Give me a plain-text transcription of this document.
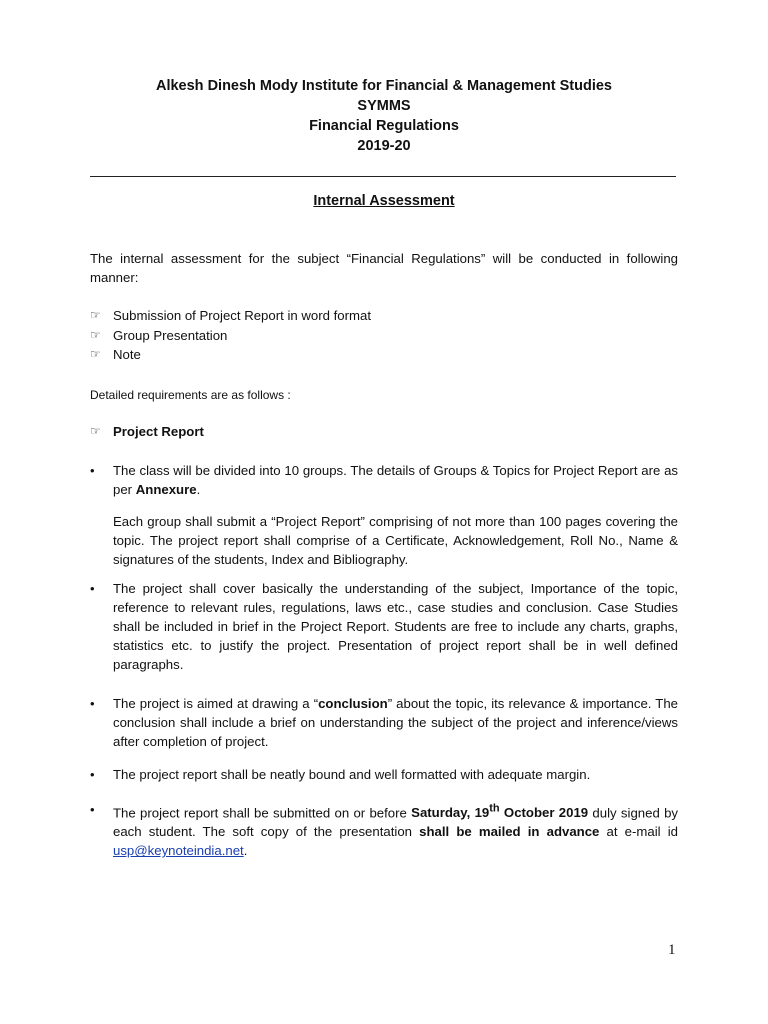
Alkesh Dinesh Mody Institute for Financial & Management Studies
SYMMS
Financial Regulations
2019-20
Internal Assessment
The internal assessment for the subject “Financial Regulations” will be conducted in following manner:
☞ Submission of Project Report in word format
☞ Group Presentation
☞ Note
Detailed requirements are as follows :
☞ Project Report
•	The class will be divided into 10 groups. The details of Groups & Topics for Project Report are as per Annexure.
Each group shall submit a “Project Report” comprising of not more than 100 pages covering the topic. The project report shall comprise of a Certificate, Acknowledgement, Roll No., Name & signatures of the students, Index and Bibliography.
•	The project shall cover basically the understanding of the subject, Importance of the topic, reference to relevant rules, regulations, laws etc., case studies and conclusion. Case Studies shall be included in brief in the Project Report. Students are free to include any charts, graphs, statistics etc. to justify the project. Presentation of project report shall be in well defined paragraphs.
•	The project is aimed at drawing a “conclusion” about the topic, its relevance & importance. The conclusion shall include a brief on understanding the subject of the project and inference/views after completion of project.
•	The project report shall be neatly bound and well formatted with adequate margin.
•	The project report shall be submitted on or before Saturday, 19th October 2019 duly signed by each student. The soft copy of the presentation shall be mailed in advance at e-mail id usp@keynoteindia.net.
1
